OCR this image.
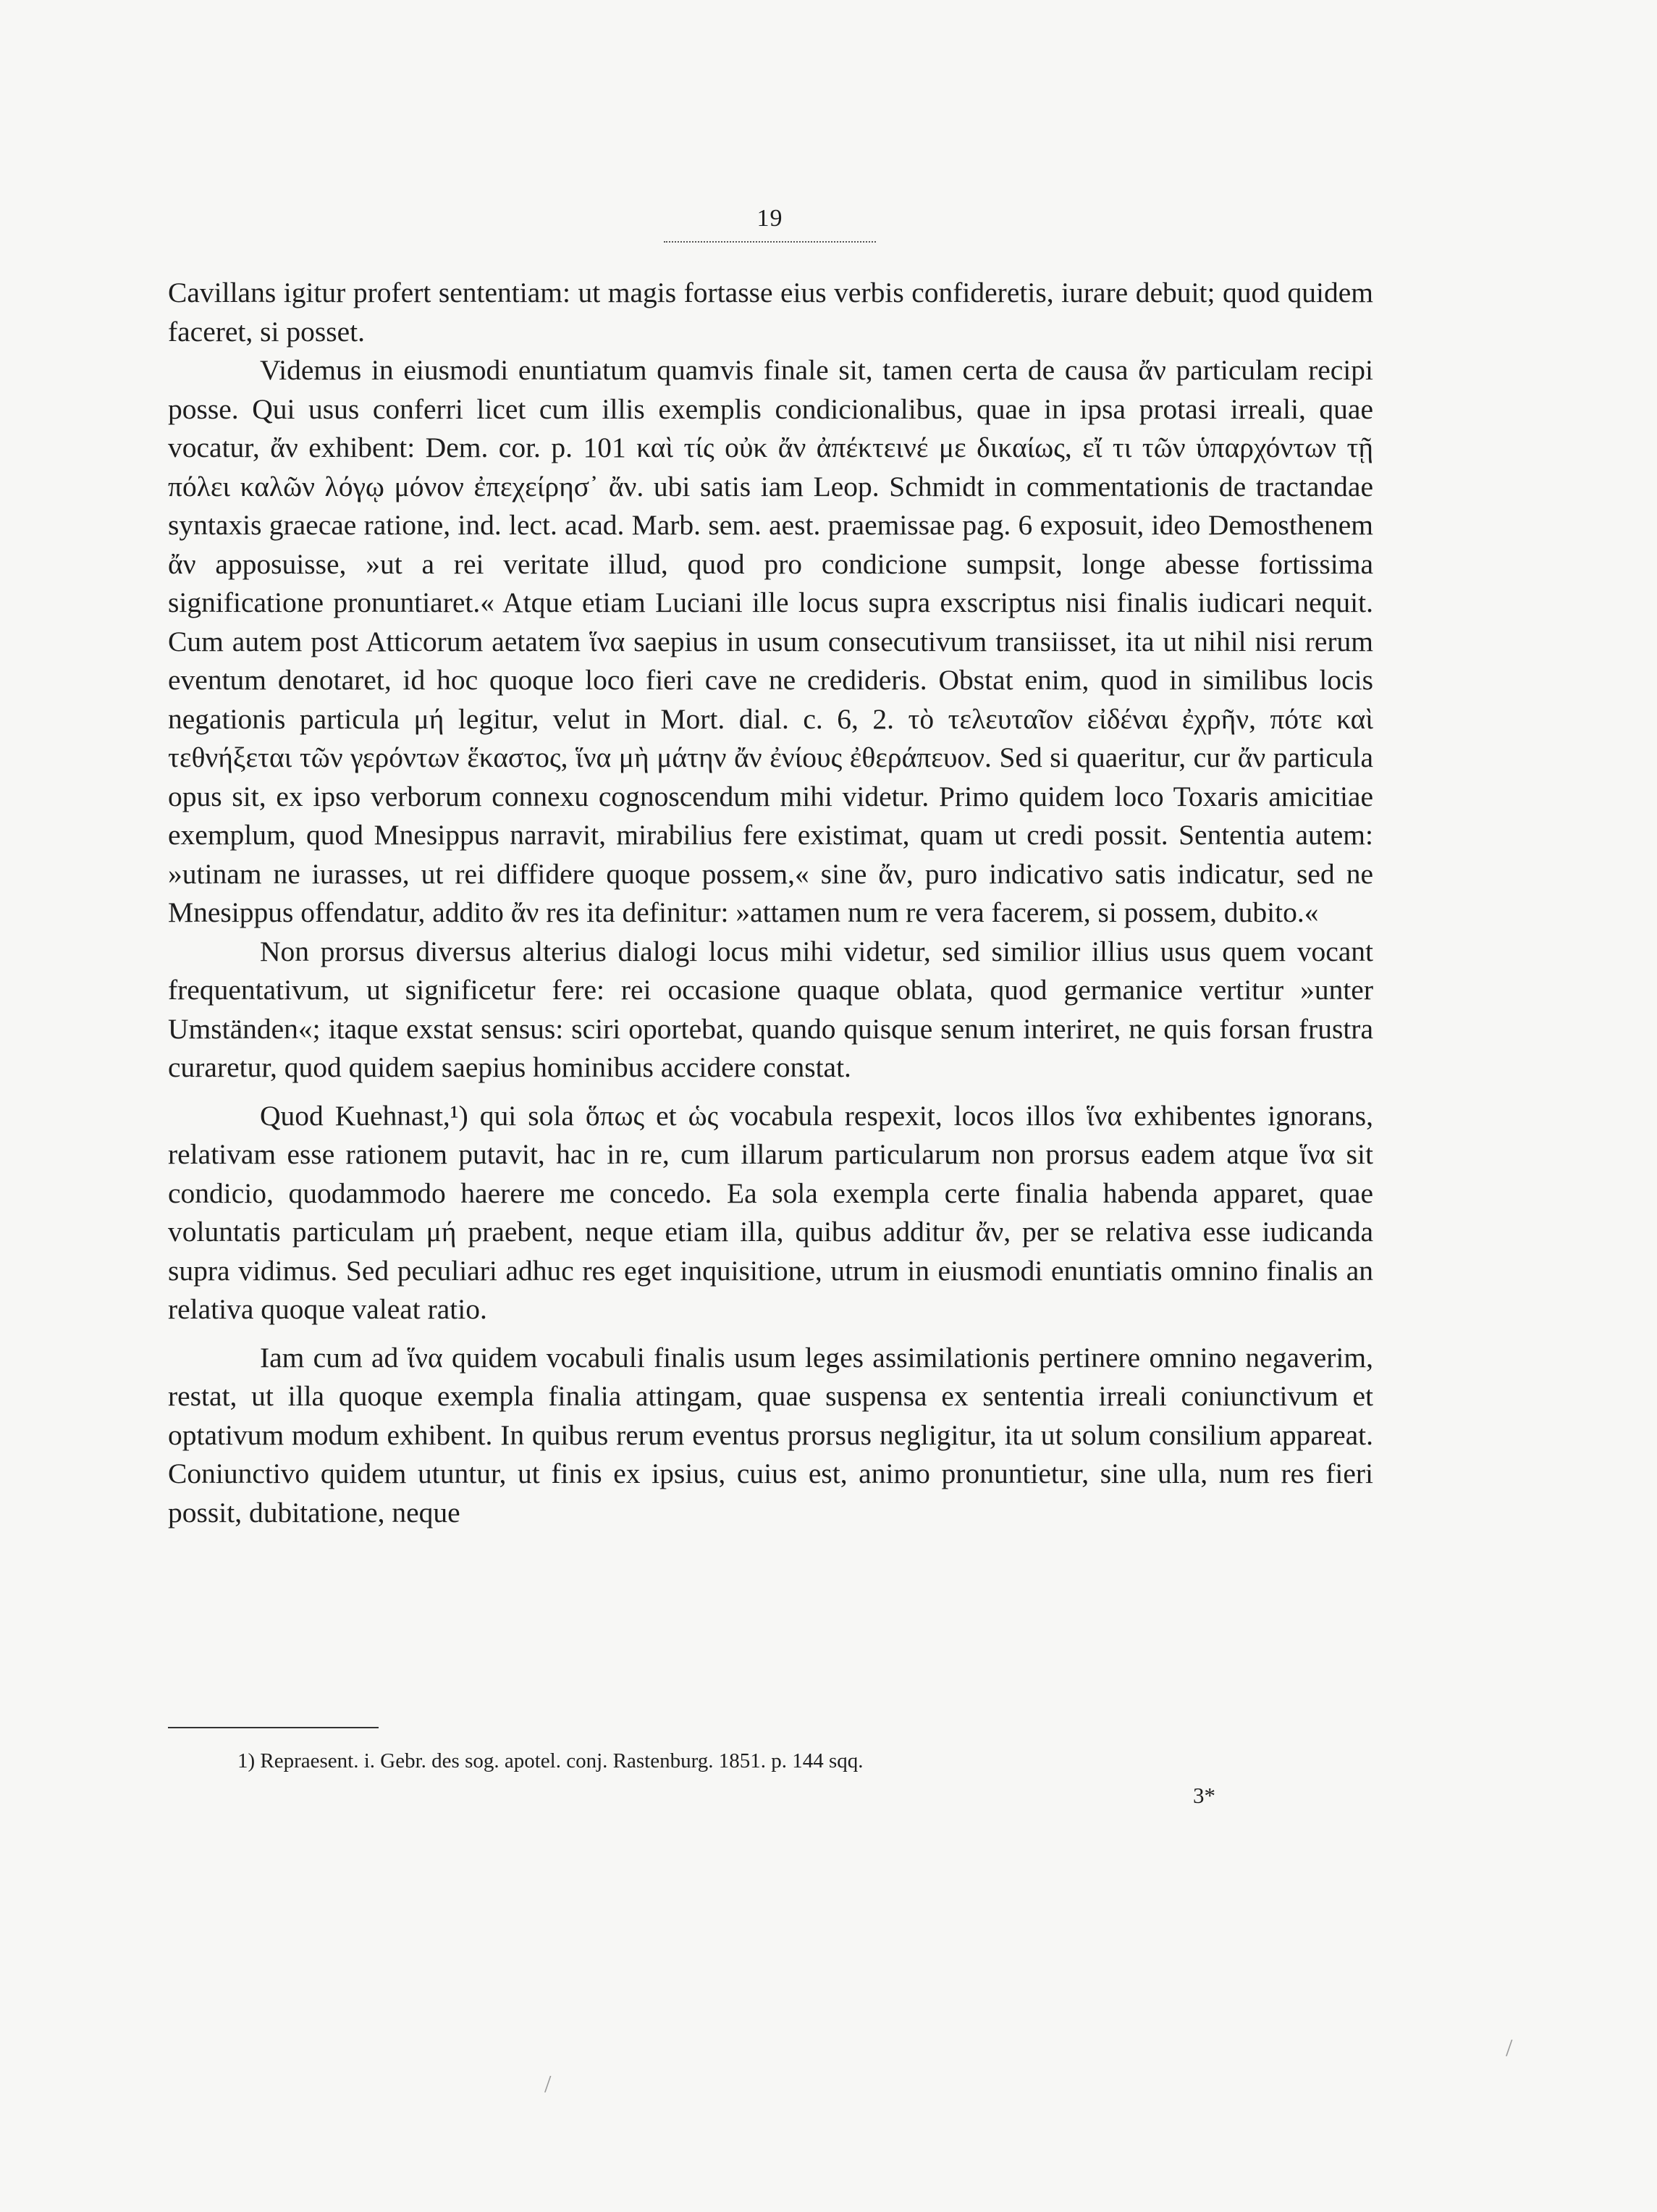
19

Cavillans igitur profert sententiam: ut magis fortasse eius verbis confideretis, iurare debuit; quod quidem faceret, si posset.

Videmus in eiusmodi enuntiatum quamvis finale sit, tamen certa de causa ἄν particulam recipi posse. Qui usus conferri licet cum illis exemplis condicionalibus, quae in ipsa protasi irreali, quae vocatur, ἄν exhibent: Dem. cor. p. 101 καὶ τίς οὐκ ἄν ἀπέκτεινέ με δικαίως, εἴ τι τῶν ὑπαρχόντων τῇ πόλει καλῶν λόγῳ μόνον ἐπεχείρησ᾽ ἄν. ubi satis iam Leop. Schmidt in commentationis de tractandae syntaxis graecae ratione, ind. lect. acad. Marb. sem. aest. praemissae pag. 6 exposuit, ideo Demosthenem ἄν apposuisse, »ut a rei veritate illud, quod pro condicione sumpsit, longe abesse fortissima significatione pronuntiaret.« Atque etiam Luciani ille locus supra exscriptus nisi finalis iudicari nequit. Cum autem post Atticorum aetatem ἵνα saepius in usum consecutivum transiisset, ita ut nihil nisi rerum eventum denotaret, id hoc quoque loco fieri cave ne credideris. Obstat enim, quod in similibus locis negationis particula μή legitur, velut in Mort. dial. c. 6, 2. τὸ τελευταῖον εἰδέναι ἐχρῆν, πότε καὶ τεθνήξεται τῶν γερόντων ἕκαστος, ἵνα μὴ μάτην ἄν ἐνίους ἐθεράπευον. Sed si quaeritur, cur ἄν particula opus sit, ex ipso verborum connexu cognoscendum mihi videtur. Primo quidem loco Toxaris amicitiae exemplum, quod Mnesippus narravit, mirabilius fere existimat, quam ut credi possit. Sententia autem: »utinam ne iurasses, ut rei diffidere quoque possem,« sine ἄν, puro indicativo satis indicatur, sed ne Mnesippus offendatur, addito ἄν res ita definitur: »attamen num re vera facerem, si possem, dubito.«

Non prorsus diversus alterius dialogi locus mihi videtur, sed similior illius usus quem vocant frequentativum, ut significetur fere: rei occasione quaque oblata, quod germanice vertitur »unter Umständen«; itaque exstat sensus: sciri oportebat, quando quisque senum interiret, ne quis forsan frustra curaretur, quod quidem saepius hominibus accidere constat.

Quod Kuehnast,¹) qui sola ὅπως et ὡς vocabula respexit, locos illos ἵνα exhibentes ignorans, relativam esse rationem putavit, hac in re, cum illarum particularum non prorsus eadem atque ἵνα sit condicio, quodammodo haerere me concedo. Ea sola exempla certe finalia habenda apparet, quae voluntatis particulam μή praebent, neque etiam illa, quibus additur ἄν, per se relativa esse iudicanda supra vidimus. Sed peculiari adhuc res eget inquisitione, utrum in eiusmodi enuntiatis omnino finalis an relativa quoque valeat ratio.

Iam cum ad ἵνα quidem vocabuli finalis usum leges assimilationis pertinere omnino negaverim, restat, ut illa quoque exempla finalia attingam, quae suspensa ex sententia irreali coniunctivum et optativum modum exhibent. In quibus rerum eventus prorsus negligitur, ita ut solum consilium appareat. Coniunctivo quidem utuntur, ut finis ex ipsius, cuius est, animo pronuntietur, sine ulla, num res fieri possit, dubitatione, neque

1) Repraesent. i. Gebr. des sog. apotel. conj. Rastenburg. 1851. p. 144 sqq.
3*
/
/
